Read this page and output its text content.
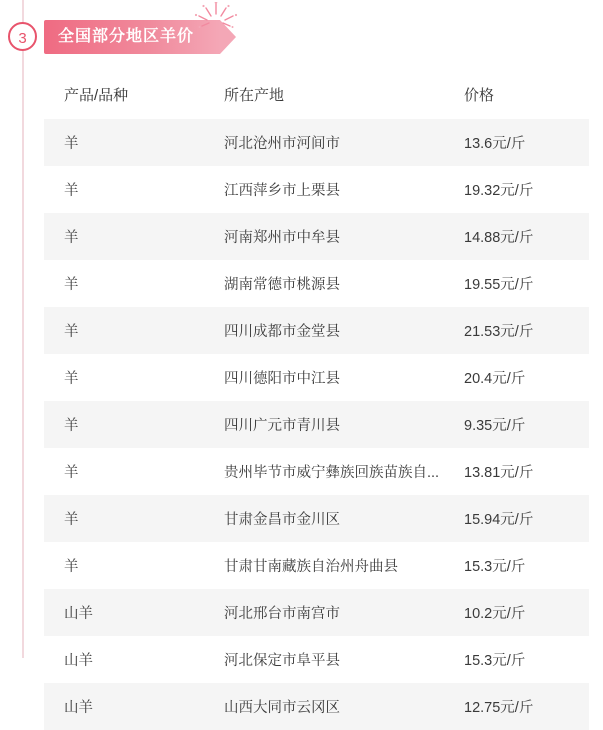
3	全国部分地区羊价
产品/品种	所在产地	价格
羊	河北沧州市河间市	13.6元/斤
羊	江西萍乡市上栗县	19.32元/斤
羊	河南郑州市中牟县	14.88元/斤
羊	湖南常德市桃源县	19.55元/斤
羊	四川成都市金堂县	21.53元/斤
羊	四川德阳市中江县	20.4元/斤
羊	四川广元市青川县	9.35元/斤
羊	贵州毕节市威宁彝族回族苗族自...	13.81元/斤
羊	甘肃金昌市金川区	15.94元/斤
羊	甘肃甘南藏族自治州舟曲县	15.3元/斤
山羊	河北邢台市南宫市	10.2元/斤
山羊	河北保定市阜平县	15.3元/斤
山羊	山西大同市云冈区	12.75元/斤
